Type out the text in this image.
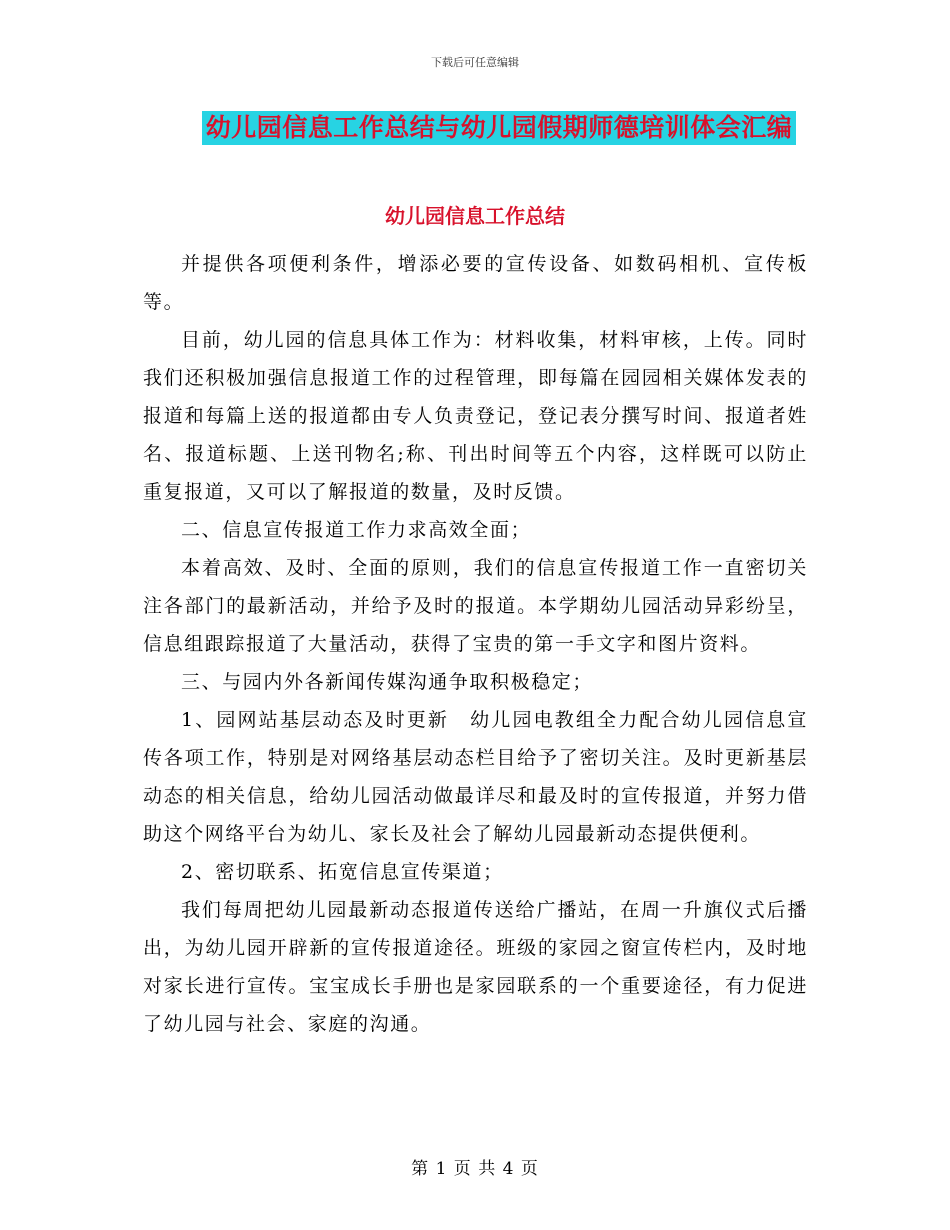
下载后可任意编辑
幼儿园信息工作总结与幼儿园假期师德培训体会汇编
幼儿园信息工作总结

并提供各项便利条件，增添必要的宣传设备、如数码相机、宣传板等。

目前，幼儿园的信息具体工作为：材料收集，材料审核，上传。同时我们还积极加强信息报道工作的过程管理，即每篇在园园相关媒体发表的报道和每篇上送的报道都由专人负责登记，登记表分撰写时间、报道者姓名、报道标题、上送刊物名;称、刊出时间等五个内容，这样既可以防止重复报道，又可以了解报道的数量，及时反馈。

二、信息宣传报道工作力求高效全面；

本着高效、及时、全面的原则，我们的信息宣传报道工作一直密切关注各部门的最新活动，并给予及时的报道。本学期幼儿园活动异彩纷呈，信息组跟踪报道了大量活动，获得了宝贵的第一手文字和图片资料。

三、与园内外各新闻传媒沟通争取积极稳定；

1、园网站基层动态及时更新　幼儿园电教组全力配合幼儿园信息宣传各项工作，特别是对网络基层动态栏目给予了密切关注。及时更新基层动态的相关信息，给幼儿园活动做最详尽和最及时的宣传报道，并努力借助这个网络平台为幼儿、家长及社会了解幼儿园最新动态提供便利。

2、密切联系、拓宽信息宣传渠道；

我们每周把幼儿园最新动态报道传送给广播站，在周一升旗仪式后播出，为幼儿园开辟新的宣传报道途径。班级的家园之窗宣传栏内，及时地对家长进行宣传。宝宝成长手册也是家园联系的一个重要途径，有力促进了幼儿园与社会、家庭的沟通。

第 1 页 共 4 页
